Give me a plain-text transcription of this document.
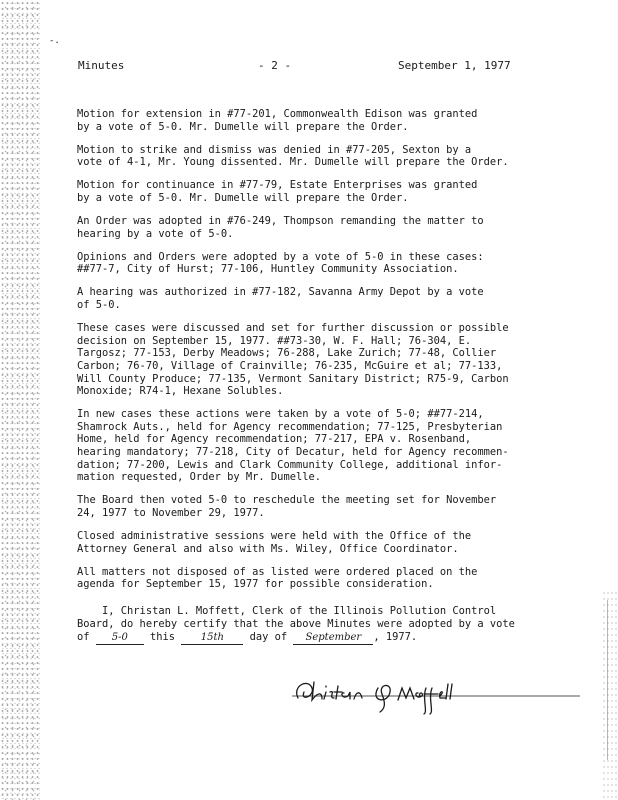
-.
Minutes	- 2 -	September 1, 1977
Motion for extension in #77-201, Commonwealth Edison was granted
by a vote of 5-0. Mr. Dumelle will prepare the Order.
Motion to strike and dismiss was denied in #77-205, Sexton by a
vote of 4-1, Mr. Young dissented. Mr. Dumelle will prepare the Order.
Motion for continuance in #77-79, Estate Enterprises was granted
by a vote of 5-0. Mr. Dumelle will prepare the Order.
An Order was adopted in #76-249, Thompson remanding the matter to
hearing by a vote of 5-0.
Opinions and Orders were adopted by a vote of 5-0 in these cases:
##77-7, City of Hurst; 77-106, Huntley Community Association.
A hearing was authorized in #77-182, Savanna Army Depot by a vote
of 5-0.
These cases were discussed and set for further discussion or possible
decision on September 15, 1977. ##73-30, W. F. Hall; 76-304, E.
Targosz; 77-153, Derby Meadows; 76-288, Lake Zurich; 77-48, Collier
Carbon; 76-70, Village of Crainville; 76-235, McGuire et al; 77-133,
Will County Produce; 77-135, Vermont Sanitary District; R75-9, Carbon
Monoxide; R74-1, Hexane Solubles.
In new cases these actions were taken by a vote of 5-0; ##77-214,
Shamrock Auts., held for Agency recommendation; 77-125, Presbyterian
Home, held for Agency recommendation; 77-217, EPA v. Rosenband,
hearing mandatory; 77-218, City of Decatur, held for Agency recommen-
dation; 77-200, Lewis and Clark Community College, additional infor-
mation requested, Order by Mr. Dumelle.
The Board then voted 5-0 to reschedule the meeting set for November
24, 1977 to November 29, 1977.
Closed administrative sessions were held with the Office of the
Attorney General and also with Ms. Wiley, Office Coordinator.
All matters not disposed of as listed were ordered placed on the
agenda for September 15, 1977 for possible consideration.
I, Christan L. Moffett, Clerk of the Illinois Pollution Control
Board, do hereby certify that the above Minutes were adopted by a vote
of 5-0 this 15th day of September , 1977.
Christan L. Moffett
